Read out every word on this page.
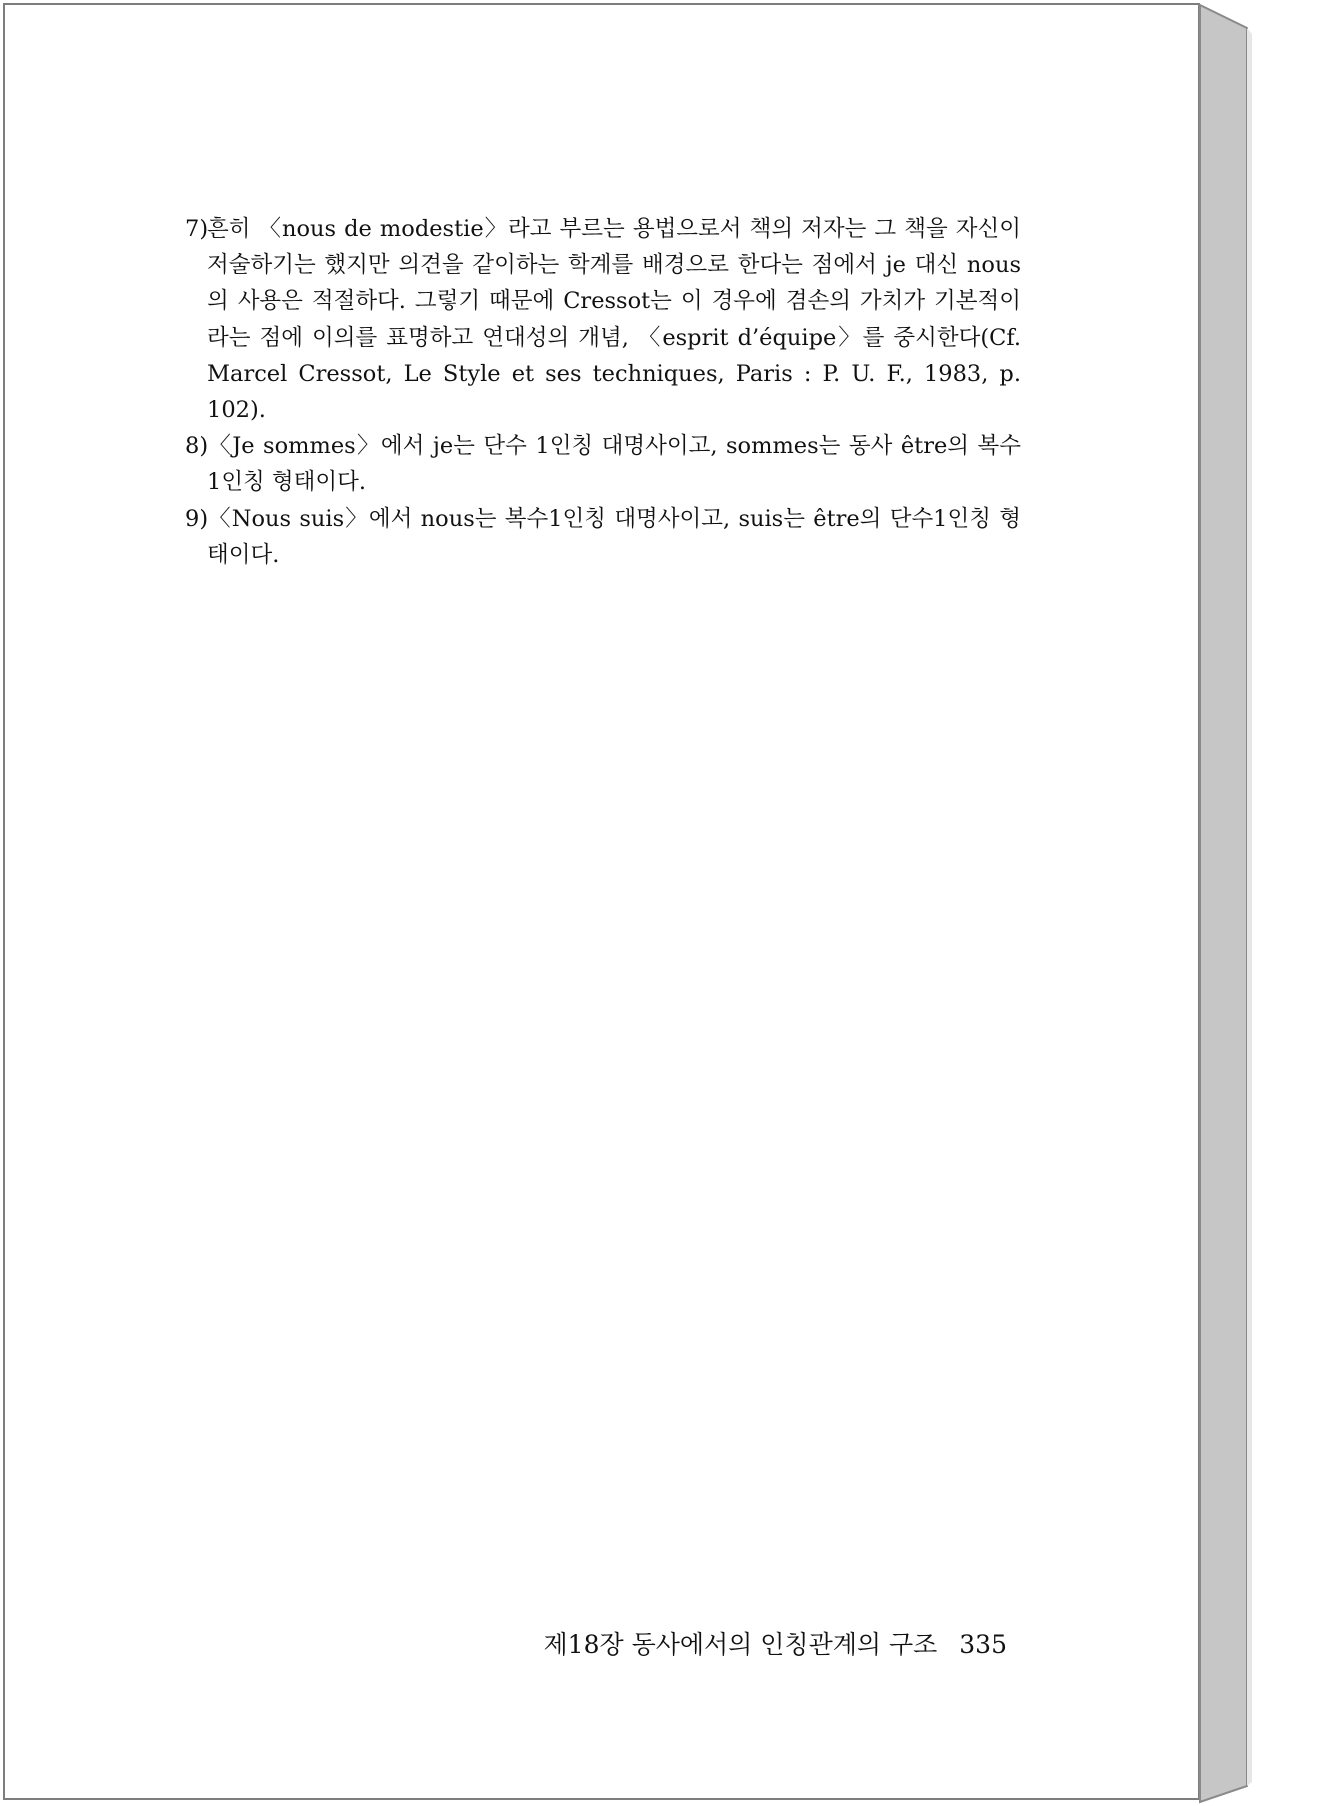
7)흔히 〈nous de modestie〉라고 부르는 용법으로서 책의 저자는 그 책을 자신이 저술하기는 했지만 의견을 같이하는 학계를 배경으로 한다는 점에서 je 대신 nous의 사용은 적절하다. 그렇기 때문에 Cressot는 이 경우에 겸손의 가치가 기본적이라는 점에 이의를 표명하고 연대성의 개념, 〈esprit d’équipe〉를 중시한다(Cf. Marcel Cressot, Le Style et ses techniques, Paris : P. U. F., 1983, p. 102).

8)〈Je sommes〉에서 je는 단수 1인칭 대명사이고, sommes는 동사 être의 복수 1인칭 형태이다.

9)〈Nous suis〉에서 nous는 복수1인칭 대명사이고, suis는 être의 단수1인칭 형태이다.

제18장 동사에서의 인칭관계의 구조 335
